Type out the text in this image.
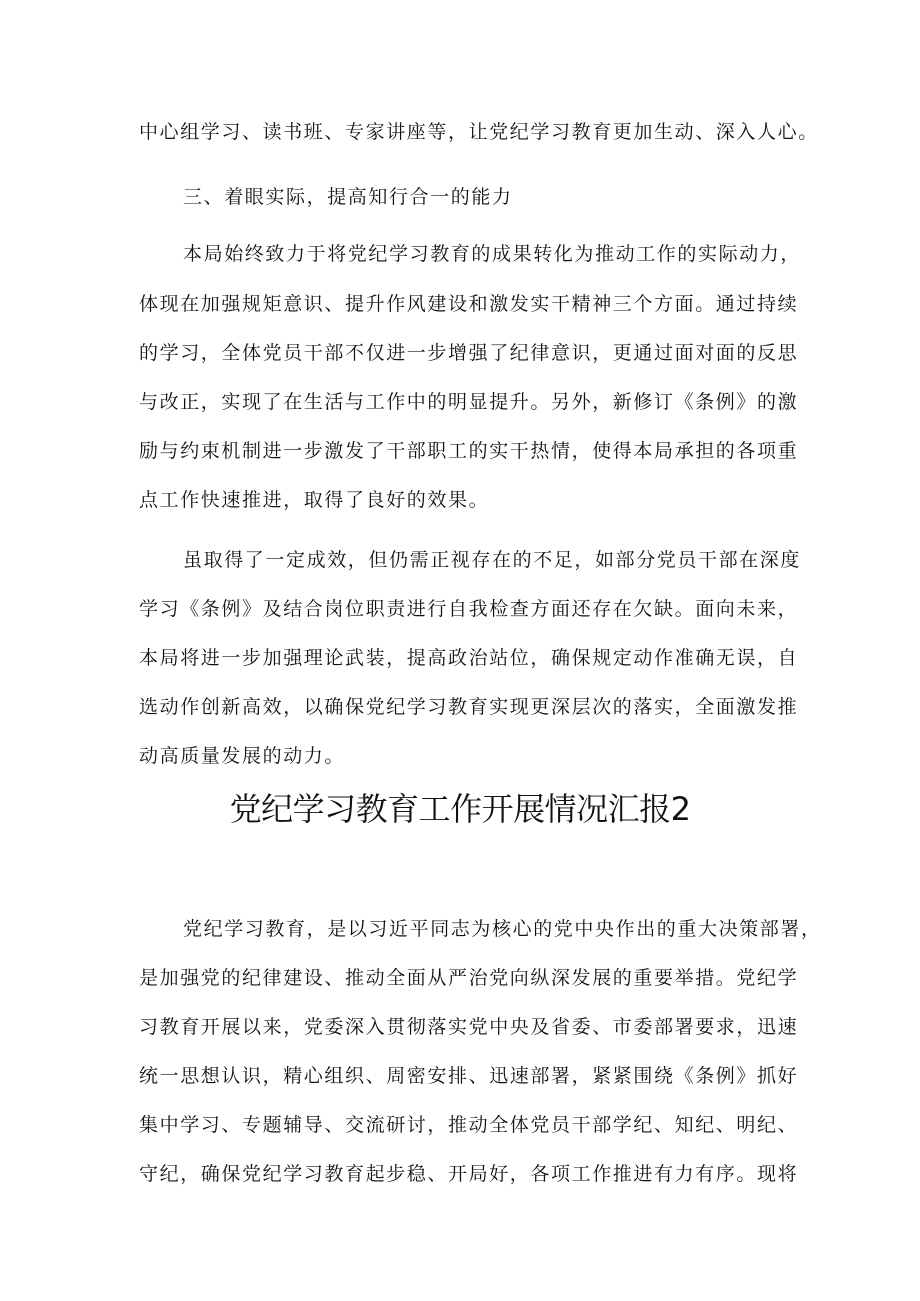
中心组学习、读书班、专家讲座等，让党纪学习教育更加生动、深入人心。
三、着眼实际，提高知行合一的能力
本局始终致力于将党纪学习教育的成果转化为推动工作的实际动力，
体现在加强规矩意识、提升作风建设和激发实干精神三个方面。通过持续
的学习，全体党员干部不仅进一步增强了纪律意识，更通过面对面的反思
与改正，实现了在生活与工作中的明显提升。另外，新修订《条例》的激
励与约束机制进一步激发了干部职工的实干热情，使得本局承担的各项重
点工作快速推进，取得了良好的效果。
虽取得了一定成效，但仍需正视存在的不足，如部分党员干部在深度
学习《条例》及结合岗位职责进行自我检查方面还存在欠缺。面向未来，
本局将进一步加强理论武装，提高政治站位，确保规定动作准确无误，自
选动作创新高效，以确保党纪学习教育实现更深层次的落实，全面激发推
动高质量发展的动力。
党纪学习教育工作开展情况汇报2
党纪学习教育，是以习近平同志为核心的党中央作出的重大决策部署，
是加强党的纪律建设、推动全面从严治党向纵深发展的重要举措。党纪学
习教育开展以来，党委深入贯彻落实党中央及省委、市委部署要求，迅速
统一思想认识，精心组织、周密安排、迅速部署，紧紧围绕《条例》抓好
集中学习、专题辅导、交流研讨，推动全体党员干部学纪、知纪、明纪、
守纪，确保党纪学习教育起步稳、开局好，各项工作推进有力有序。现将
